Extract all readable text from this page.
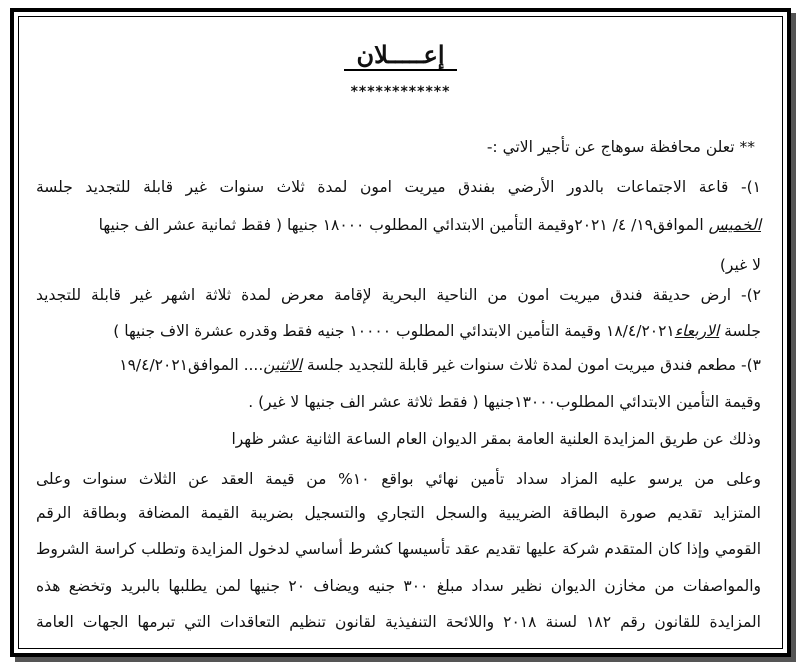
إعـــــلان
************
** تعلن محافظة سوهاج عن تأجير الاتي :-
١)- قاعة الاجتماعات بالدور الأرضي بفندق ميريت امون لمدة ثلاث سنوات غير قابلة للتجديد جلسة
الخميس الموافق١٩/ ٤/ ٢٠٢١وقيمة التأمين الابتدائي المطلوب ١٨٠٠٠ جنيها ( فقط ثمانية عشر الف جنيها
لا غير)
٢)- ارض حديقة فندق ميريت امون من الناحية البحرية لإقامة معرض لمدة ثلاثة اشهر غير قابلة للتجديد
جلسة الاربعاء١٨/٤/٢٠٢١ وقيمة التأمين الابتدائي المطلوب ١٠٠٠٠ جنيه فقط وقدره عشرة الاف جنيها )
٣)- مطعم فندق ميريت امون لمدة ثلاث سنوات غير قابلة للتجديد جلسة الاثنين.... الموافق١٩/٤/٢٠٢١
وقيمة التأمين الابتدائي المطلوب١٣٠٠٠جنيها ( فقط ثلاثة عشر الف جنيها لا غير) .
وذلك عن طريق المزايدة العلنية العامة بمقر الديوان العام الساعة الثانية عشر ظهرا
وعلى من يرسو عليه المزاد سداد تأمين نهائي بواقع ١٠% من قيمة العقد عن الثلاث سنوات وعلى
المتزايد تقديم صورة البطاقة الضريبية والسجل التجاري والتسجيل بضريبة القيمة المضافة وبطاقة الرقم
القومي وإذا كان المتقدم شركة عليها تقديم عقد تأسيسها كشرط أساسي لدخول المزايدة وتطلب كراسة الشروط
والمواصفات من مخازن الديوان نظير سداد مبلغ ٣٠٠ جنيه ويضاف ٢٠ جنيها لمن يطلبها بالبريد وتخضع هذه
المزايدة للقانون رقم ١٨٢ لسنة ٢٠١٨ واللائحة التنفيذية لقانون تنظيم التعاقدات التي تبرمها الجهات العامة
